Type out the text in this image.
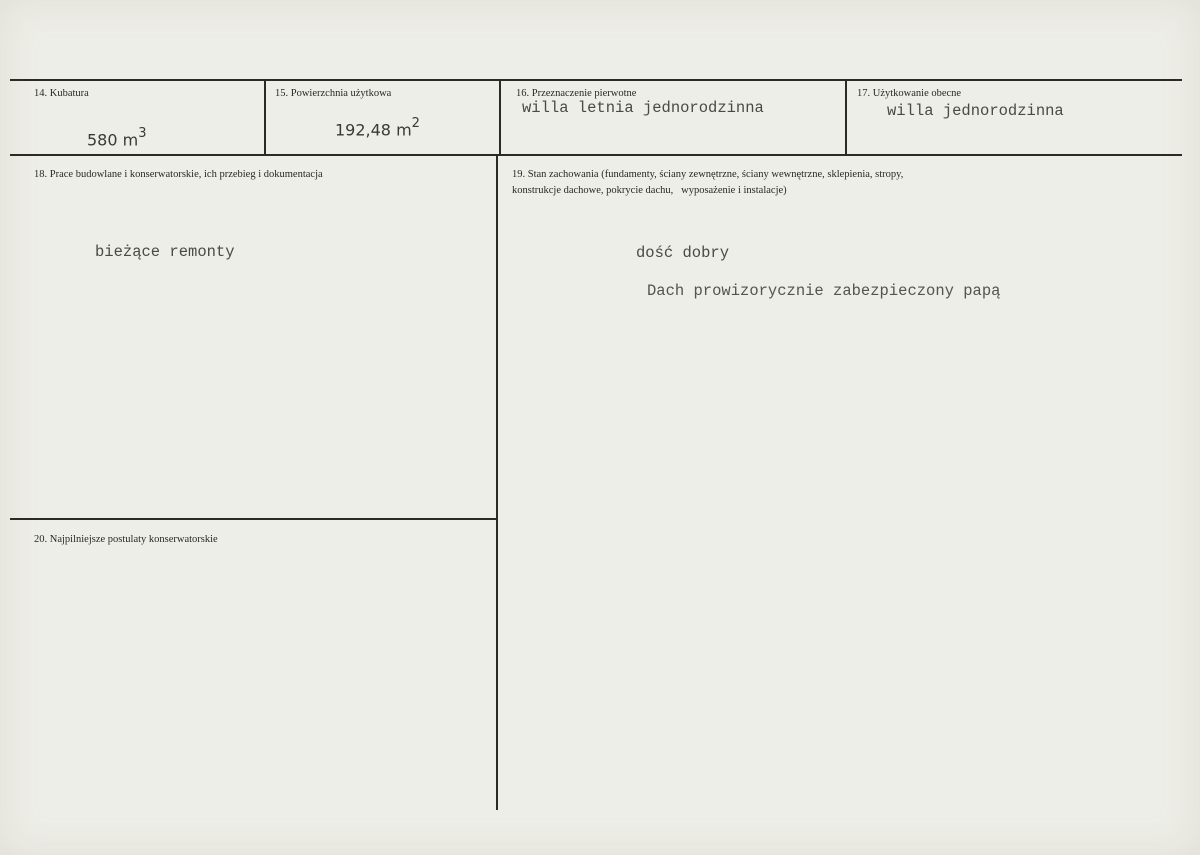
14. Kubatura
580 $m^3$
15. Powierzchnia użytkowa
192,48 $m^2$
16. Przeznaczenie pierwotne
willa letnia jednorodzinna
17. Użytkowanie obecne
willa jednorodzinna
18. Prace budowlane i konserwatorskie, ich przebieg i dokumentacja
bieżące remonty
19. Stan zachowania (fundamenty, ściany zewnętrzne, ściany wewnętrzne, sklepienia, stropy,
konstrukcje dachowe, pokrycie dachu,   wyposażenie i instalacje)
dość dobry
Dach prowizorycznie zabezpieczony papą
20. Najpilniejsze postulaty konserwatorskie
